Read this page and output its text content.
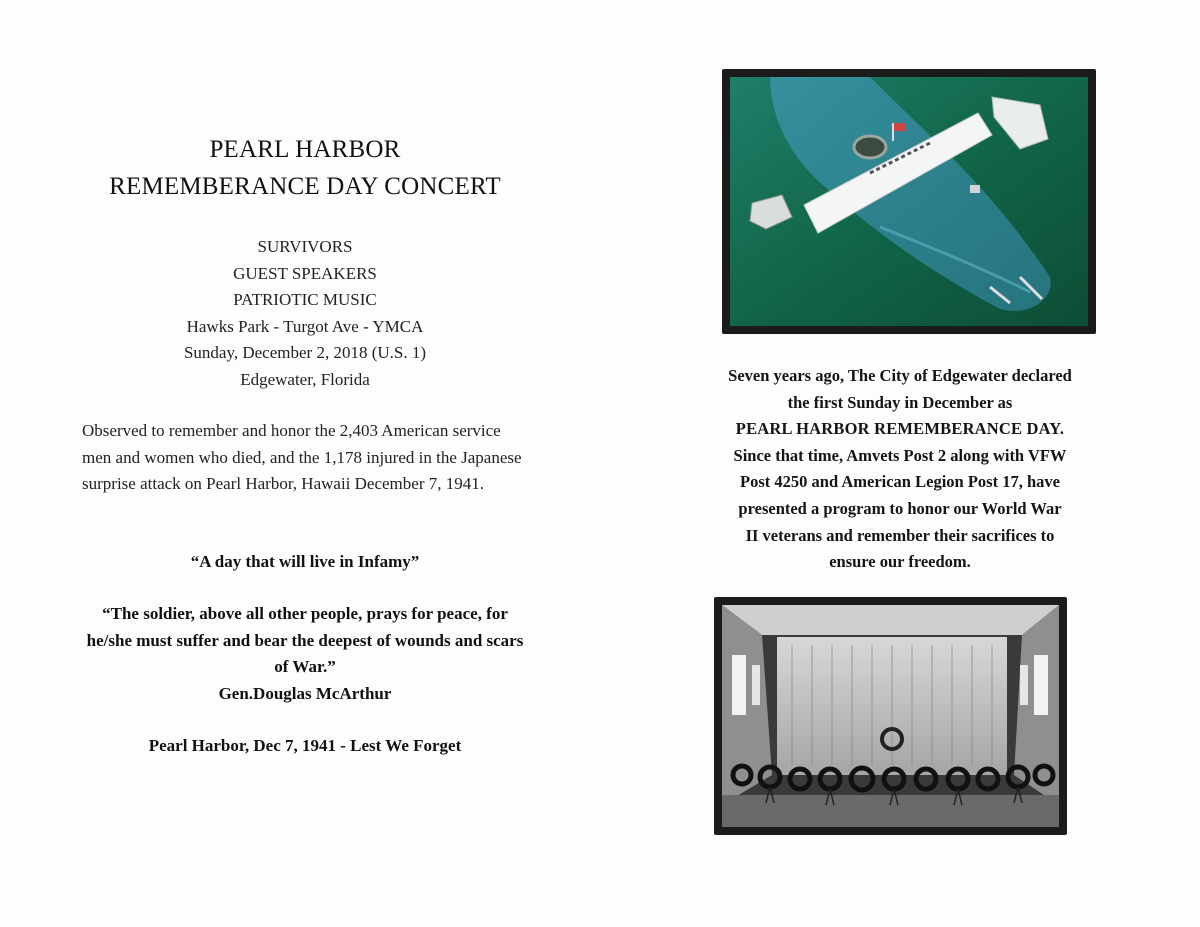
PEARL HARBOR
REMEMBERANCE DAY CONCERT
SURVIVORS
GUEST SPEAKERS
PATRIOTIC MUSIC
Hawks Park - Turgot Ave - YMCA
Sunday, December 2, 2018 (U.S. 1)
Edgewater, Florida
Observed to remember and honor the 2,403 American service men and women who died, and the 1,178 injured in the Japanese surprise attack on Pearl Harbor, Hawaii December 7, 1941.
“A day that will live in Infamy”
“The soldier, above all other people, prays for peace, for he/she must suffer and bear the deepest of wounds and scars of War.”
Gen.Douglas McArthur
Pearl Harbor, Dec 7, 1941 - Lest We Forget
Seven years ago, The City of Edgewater declared
the first Sunday in December as
PEARL HARBOR REMEMBERANCE DAY.
Since that time, Amvets Post 2 along with VFW
Post 4250 and American Legion Post 17, have
presented a program to honor our World War
II veterans and remember their sacrifices to
ensure our freedom.
